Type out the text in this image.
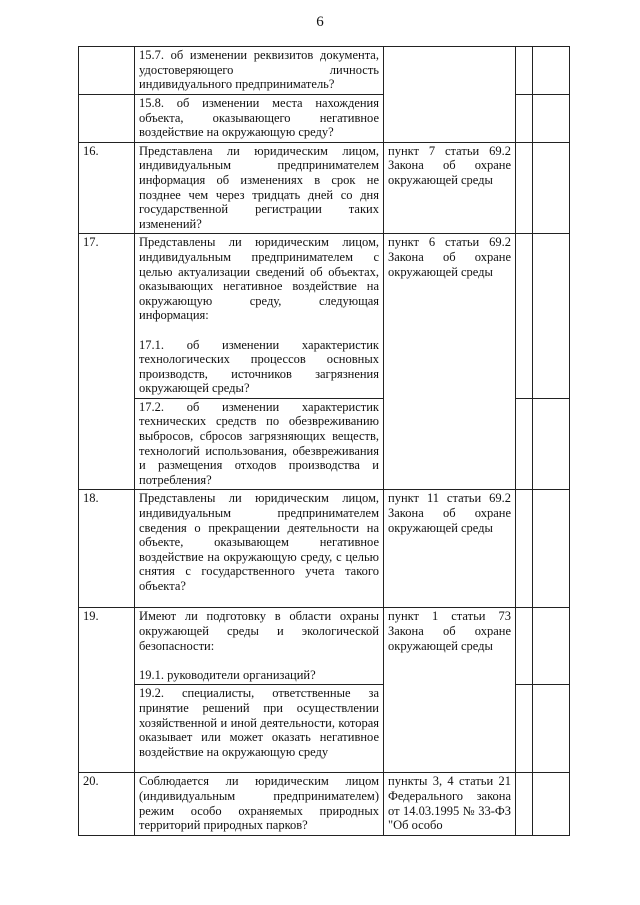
6
	15.7. об изменении реквизитов документа, удостоверяющего личность индивидуального предприниматель?			
	15.8. об изменении места нахождения объекта, оказывающего негативное воздействие на окружающую среду?			
16.	Представлена ли юридическим лицом, индивидуальным предпринимателем информация об изменениях в срок не позднее чем через тридцать дней со дня государственной регистрации таких изменений?	пункт 7 статьи 69.2 Закона об охране окружающей среды		
17.	Представлены ли юридическим лицом, индивидуальным предпринимателем с целью актуализации сведений об объектах, оказывающих негативное воздействие на окружающую среду, следующая информация:

17.1. об изменении характеристик технологических процессов основных производств, источников загрязнения окружающей среды?	пункт 6 статьи 69.2 Закона об охране окружающей среды		
	17.2. об изменении характеристик технических средств по обезвреживанию выбросов, сбросов загрязняющих веществ, технологий использования, обезвреживания и размещения отходов производства и потребления?			
18.	Представлены ли юридическим лицом, индивидуальным предпринимателем сведения о прекращении деятельности на объекте, оказывающем негативное воздействие на окружающую среду, с целью снятия с государственного учета такого объекта?	пункт 11 статьи 69.2 Закона об охране окружающей среды		
19.	Имеют ли подготовку в области охраны окружающей среды и экологической безопасности:

19.1. руководители организаций?	пункт 1 статьи 73 Закона об охране окружающей среды		
	19.2. специалисты, ответственные за принятие решений при осуществлении хозяйственной и иной деятельности, которая оказывает или может оказать негативное воздействие на окружающую среду			
20.	Соблюдается ли юридическим лицом (индивидуальным предпринимателем) режим особо охраняемых природных территорий природных парков?	пункты 3, 4 статьи 21 Федерального закона от 14.03.1995 № 33-ФЗ "Об особо		
